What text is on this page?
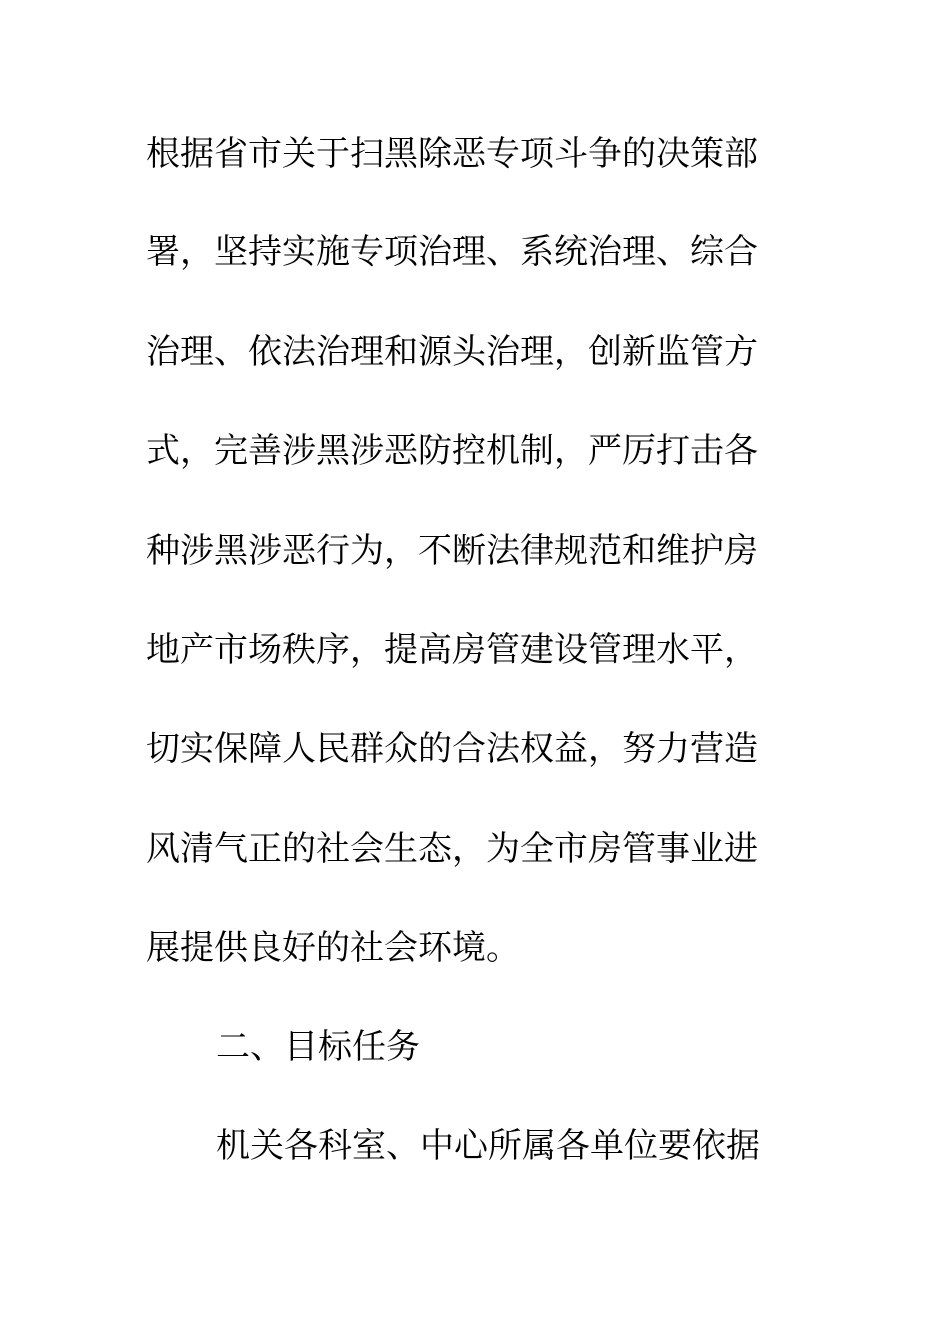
根据省市关于扫黑除恶专项斗争的决策部
署，坚持实施专项治理、系统治理、综合
治理、依法治理和源头治理，创新监管方
式，完善涉黑涉恶防控机制，严厉打击各
种涉黑涉恶行为，不断法律规范和维护房
地产市场秩序，提高房管建设管理水平，
切实保障人民群众的合法权益，努力营造
风清气正的社会生态，为全市房管事业进
展提供良好的社会环境。
二、目标任务
机关各科室、中心所属各单位要依据
